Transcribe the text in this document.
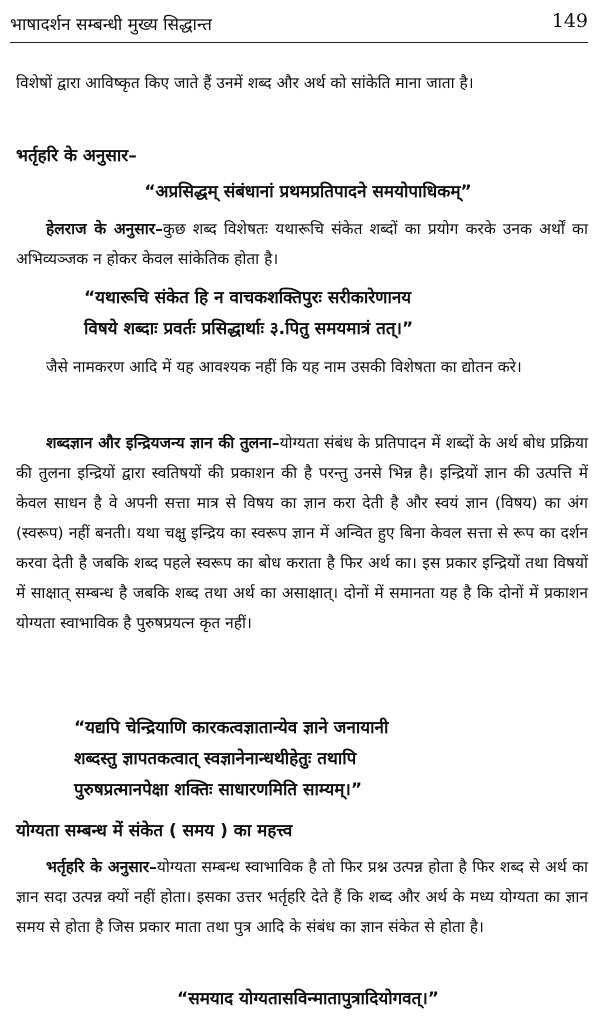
भाषादर्शन सम्बन्धी मुख्य सिद्धान्त	149

विशेषों द्वारा आविष्कृत किए जाते हैं उनमें शब्द और अर्थ को सांकेति माना जाता है।

भर्तृहरि के अनुसार–

“अप्रसिद्धम् संबंधानां प्रथमप्रतिपादने समयोपाधिकम्”

हेलराज के अनुसार–कुछ शब्द विशेषतः यथारूचि संकेत शब्दों का प्रयोग करके उनक अर्थों का अभिव्यञ्जक न होकर केवल सांकेतिक होता है।

“यथारूचि संकेत हि न वाचकशक्तिपुरः सरीकारेणानय
विषये शब्दाः प्रवर्तः प्रसिद्धार्थाः ३.पितु समयमात्रं तत्।”

जैसे नामकरण आदि में यह आवश्यक नहीं कि यह नाम उसकी विशेषता का द्योतन करे।

शब्दज्ञान और इन्द्रियजन्य ज्ञान की तुलना–योग्यता संबंध के प्रतिपादन में शब्दों के अर्थ बोध प्रक्रिया की तुलना इन्द्रियों द्वारा स्वतिषयों की प्रकाशन की है परन्तु उनसे भिन्न है। इन्द्रियों ज्ञान की उत्पत्ति में केवल साधन है वे अपनी सत्ता मात्र से विषय का ज्ञान करा देती है और स्वयं ज्ञान (विषय) का अंग (स्वरूप) नहीं बनती। यथा चक्षु इन्द्रिय का स्वरूप ज्ञान में अन्वित हुए बिना केवल सत्ता से रूप का दर्शन करवा देती है जबकि शब्द पहले स्वरूप का बोध कराता है फिर अर्थ का। इस प्रकार इन्द्रियों तथा विषयों में साक्षात् सम्बन्ध है जबकि शब्द तथा अर्थ का असाक्षात्। दोनों में समानता यह है कि दोनों में प्रकाशन योग्यता स्वाभाविक है पुरुषप्रयत्न कृत नहीं।

“यद्यपि चेन्द्रियाणि कारकत्वज्ञातान्येव ज्ञाने जनायानी
शब्दस्तु ज्ञापतकत्वात् स्वज्ञानेनान्धथीहेतुः तथापि
पुरुषप्रत्मानपेक्षा शक्तिः साधारणमिति साम्यम्।”

योग्यता सम्बन्ध में संकेत ( समय ) का महत्त्व

भर्तृहरि के अनुसार–योग्यता सम्बन्ध स्वाभाविक है तो फिर प्रश्न उत्पन्न होता है फिर शब्द से अर्थ का ज्ञान सदा उत्पन्न क्यों नहीं होता। इसका उत्तर भर्तृहरि देते हैं कि शब्द और अर्थ के मध्य योग्यता का ज्ञान समय से होता है जिस प्रकार माता तथा पुत्र आदि के संबंध का ज्ञान संकेत से होता है।

“समयाद योग्यतासविन्मातापुत्रादियोगवत्।”
